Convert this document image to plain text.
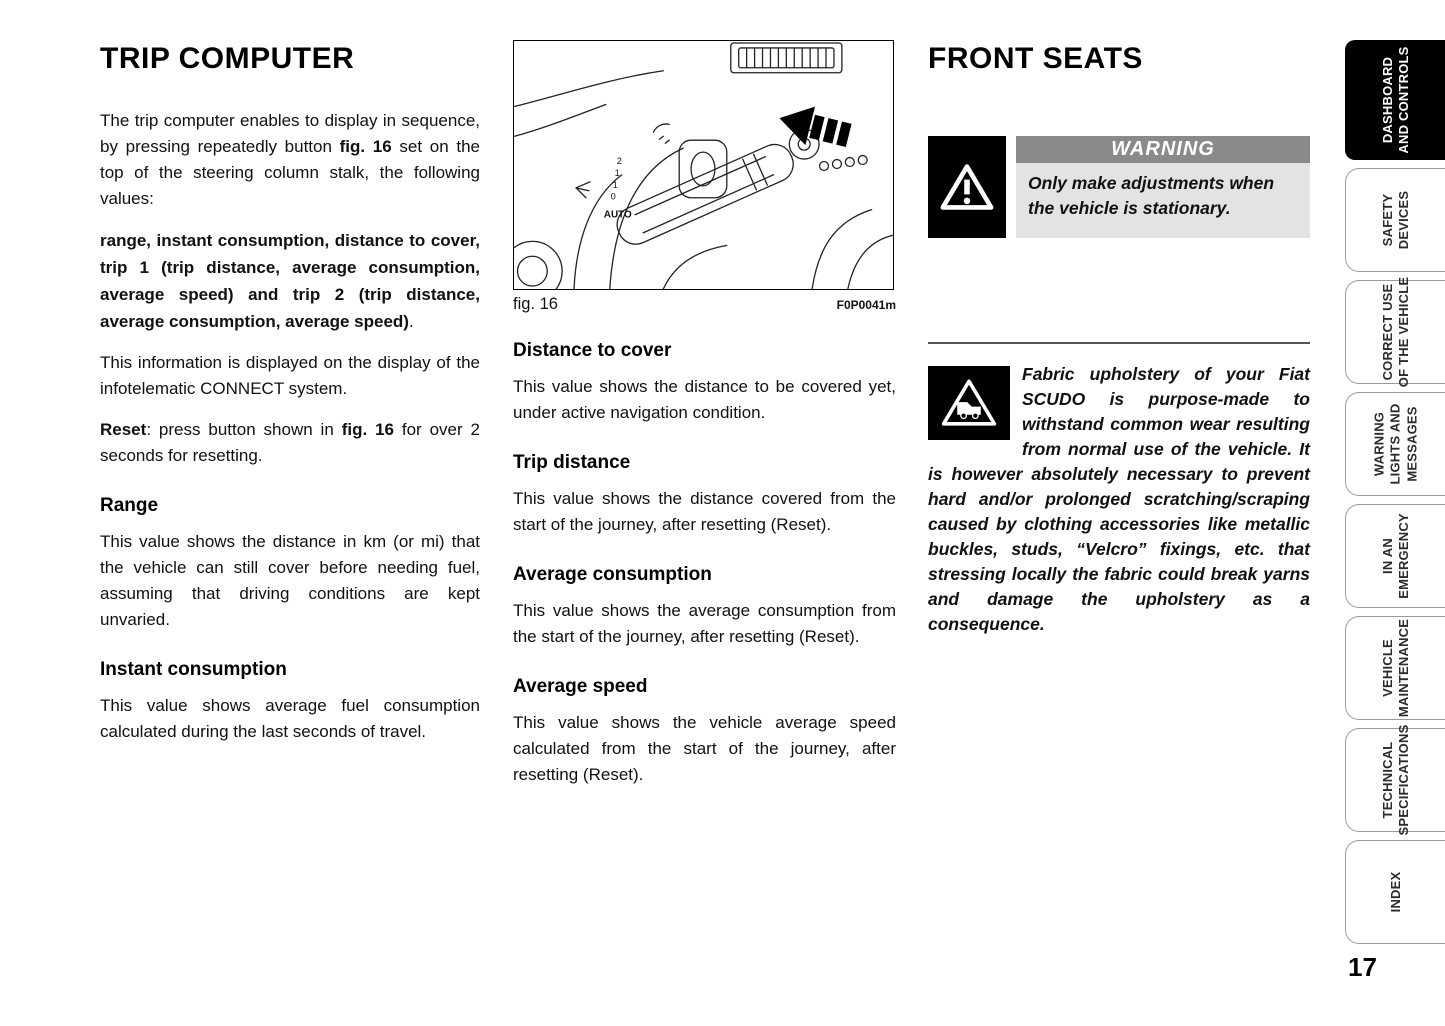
TRIP COMPUTER

The trip computer enables to display in sequence, by pressing repeatedly button fig. 16 set on the top of the steering column stalk, the following values:

range, instant consumption, distance to cover, trip 1 (trip distance, average consumption, average speed) and trip 2 (trip distance, average consumption, average speed).

This information is displayed on the display of the infotelematic CONNECT system.

Reset: press button shown in fig. 16 for over 2 seconds for resetting.

Range

This value shows the distance in km (or mi) that the vehicle can still cover before needing fuel, assuming that driving conditions are kept unvaried.

Instant consumption

This value shows average fuel consumption calculated during the last seconds of travel.

2
1
1
0
AUTO
fig. 16	F0P0041m
Distance to cover

This value shows the distance to be covered yet, under active navigation condition.

Trip distance

This value shows the distance covered from the start of the journey, after resetting (Reset).

Average consumption

This value shows the average consumption from the start of the journey, after resetting (Reset).

Average speed

This value shows the vehicle average speed calculated from the start of the journey, after resetting (Reset).

FRONT SEATS
WARNING
Only make adjustments when the vehicle is stationary.
Fabric upholstery of your Fiat SCUDO is purpose-made to withstand common wear resulting from normal use of the vehicle. It is however absolutely necessary to prevent hard and/or prolonged scratching/scraping caused by clothing accessories like metallic buckles, studs, “Velcro” fixings, etc. that stressing locally the fabric could break yarns and damage the upholstery as a consequence.
DASHBOARD AND CONTROLS
SAFETY DEVICES
CORRECT USE OF THE VEHICLE
WARNING LIGHTS AND MESSAGES
IN AN EMERGENCY
VEHICLE MAINTENANCE
TECHNICAL SPECIFICATIONS
INDEX
17
